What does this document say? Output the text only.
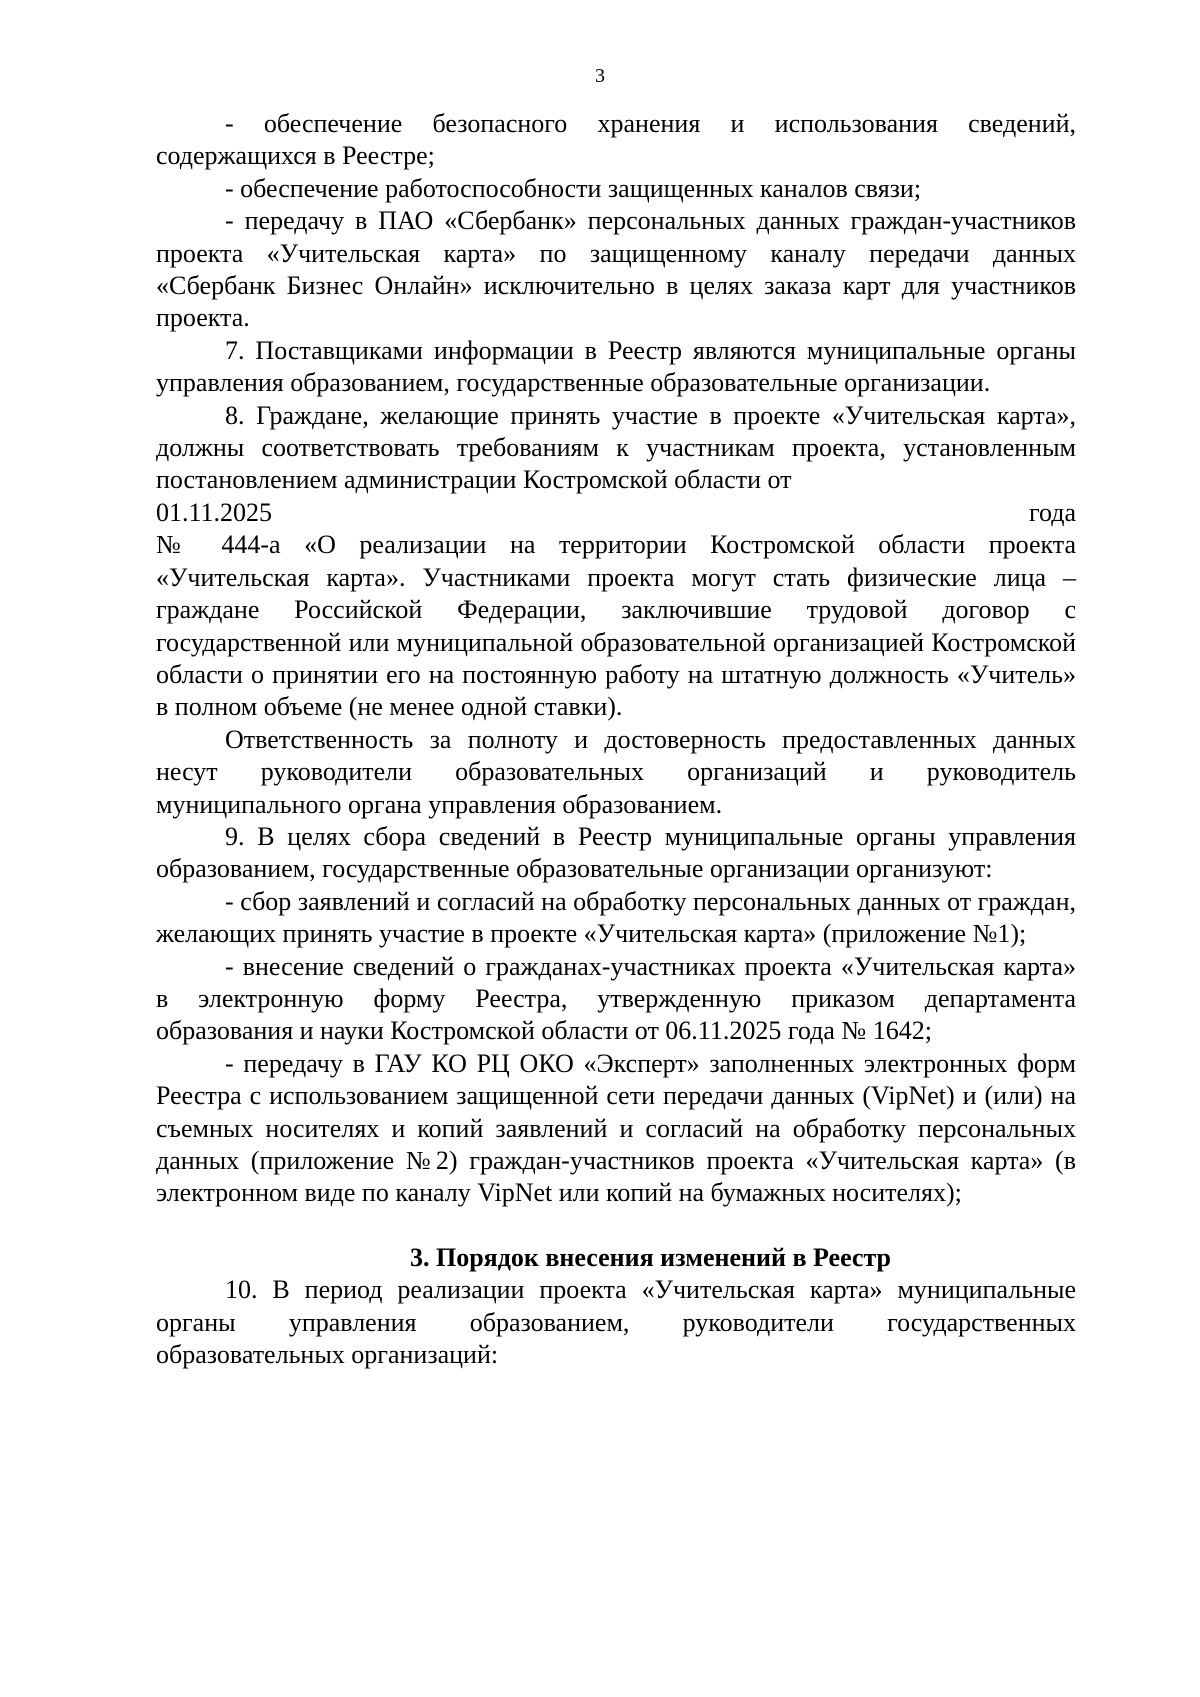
3

- обеспечение безопасного хранения и использования сведений, содержащихся в Реестре;

- обеспечение работоспособности защищенных каналов связи;

- передачу в ПАО «Сбербанк» персональных данных граждан-участников проекта «Учительская карта» по защищенному каналу передачи данных «Сбербанк Бизнес Онлайн» исключительно в целях заказа карт для участников проекта.

7. Поставщиками информации в Реестр являются муниципальные органы управления образованием, государственные образовательные организации.

8. Граждане, желающие принять участие в проекте «Учительская карта», должны соответствовать требованиям к участникам проекта, установленным постановлением администрации Костромской области от

01.11.2025	года

№ 444-а «О реализации на территории Костромской области проекта «Учительская карта». Участниками проекта могут стать физические лица – граждане Российской Федерации, заключившие трудовой договор с государственной или муниципальной образовательной организацией Костромской области о принятии его на постоянную работу на штатную должность «Учитель» в полном объеме (не менее одной ставки).

Ответственность за полноту и достоверность предоставленных данных несут руководители образовательных организаций и руководитель муниципального органа управления образованием.

9. В целях сбора сведений в Реестр муниципальные органы управления образованием, государственные образовательные организации организуют:

- сбор заявлений и согласий на обработку персональных данных от граждан, желающих принять участие в проекте «Учительская карта» (приложение №1);

- внесение сведений о гражданах-участниках проекта «Учительская карта» в электронную форму Реестра, утвержденную приказом департамента образования и науки Костромской области от 06.11.2025 года № 1642;

- передачу в ГАУ КО РЦ ОКО «Эксперт» заполненных электронных форм Реестра с использованием защищенной сети передачи данных (VipNet) и (или) на съемных носителях и копий заявлений и согласий на обработку персональных данных (приложение №2) граждан-участников проекта «Учительская карта» (в электронном виде по каналу VipNet или копий на бумажных носителях);

3. Порядок внесения изменений в Реестр

10. В период реализации проекта «Учительская карта» муниципальные органы управления образованием, руководители государственных образовательных организаций:
